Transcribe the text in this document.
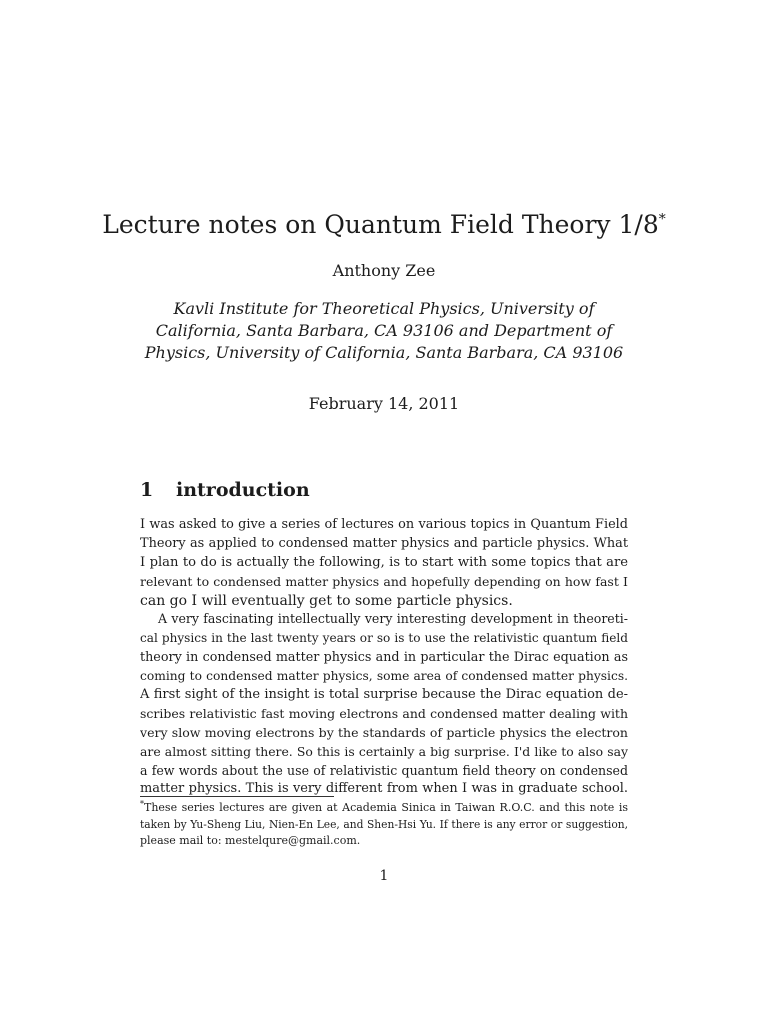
Lecture notes on Quantum Field Theory 1/8*
Anthony Zee
Kavli Institute for Theoretical Physics, University of
California, Santa Barbara, CA 93106 and Department of
Physics, University of California, Santa Barbara, CA 93106
February 14, 2011
1 introduction
I was asked to give a series of lectures on various topics in Quantum Field
Theory as applied to condensed matter physics and particle physics. What
I plan to do is actually the following, is to start with some topics that are
relevant to condensed matter physics and hopefully depending on how fast I
can go I will eventually get to some particle physics.
A very fascinating intellectually very interesting development in theoreti-
cal physics in the last twenty years or so is to use the relativistic quantum field
theory in condensed matter physics and in particular the Dirac equation as
coming to condensed matter physics, some area of condensed matter physics.
A first sight of the insight is total surprise because the Dirac equation de-
scribes relativistic fast moving electrons and condensed matter dealing with
very slow moving electrons by the standards of particle physics the electron
are almost sitting there. So this is certainly a big surprise. I'd like to also say
a few words about the use of relativistic quantum field theory on condensed
matter physics. This is very different from when I was in graduate school.
*These series lectures are given at Academia Sinica in Taiwan R.O.C. and this note is
taken by Yu-Sheng Liu, Nien-En Lee, and Shen-Hsi Yu. If there is any error or suggestion,
please mail to: mestelqure@gmail.com.
1
